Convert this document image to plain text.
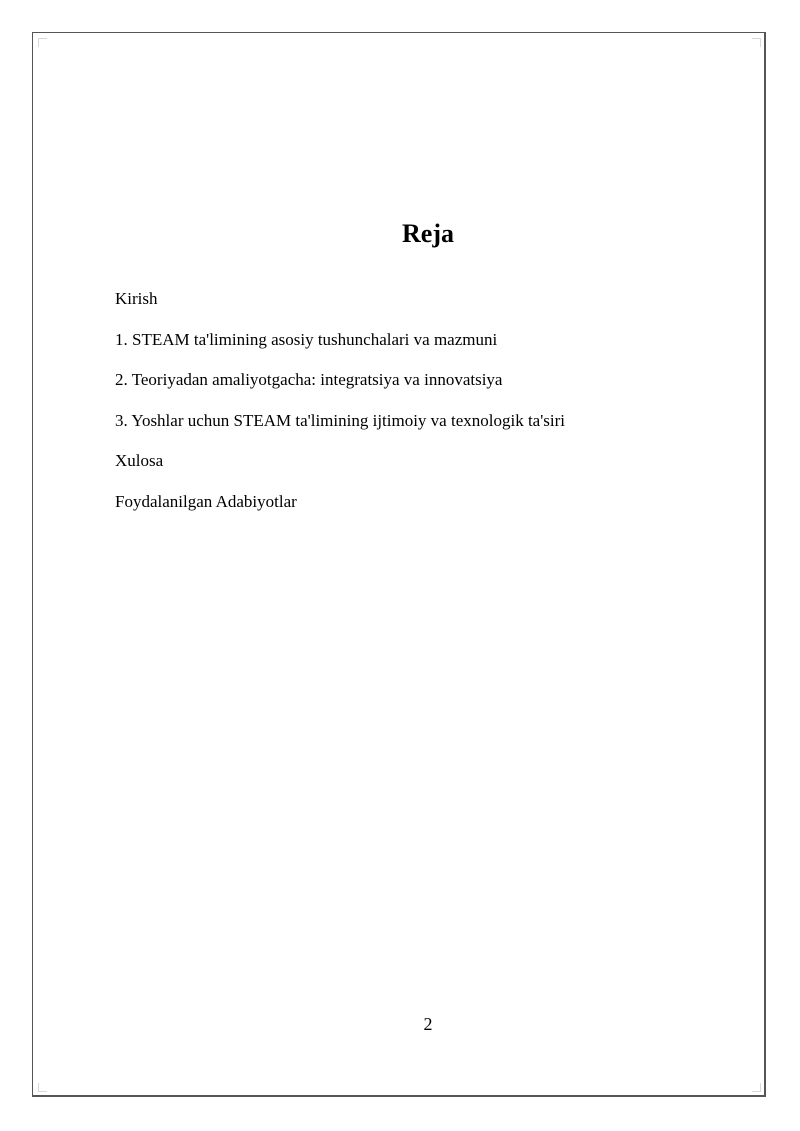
Reja
Kirish
1. STEAM ta'limining asosiy tushunchalari va mazmuni
2. Teoriyadan amaliyotgacha: integratsiya va innovatsiya
3. Yoshlar uchun STEAM ta'limining ijtimoiy va texnologik ta'siri
Xulosa
Foydalanilgan Adabiyotlar
2
